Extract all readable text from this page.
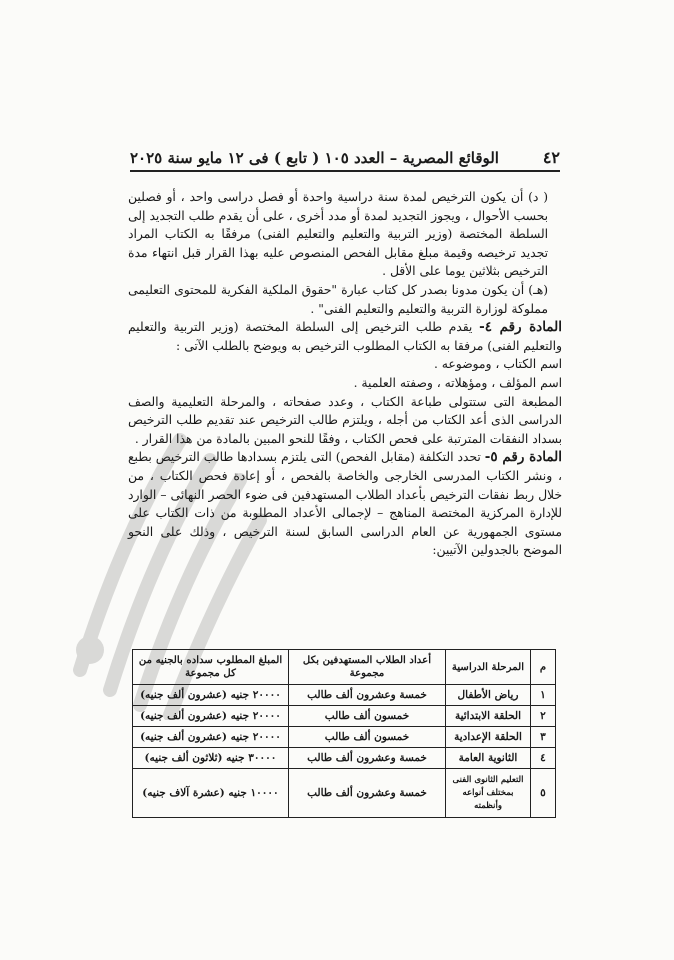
٤٢
الوقائع المصرية – العدد ١٠٥ ( تابع ) فى ١٢ مايو سنة ٢٠٢٥

( د) أن يكون الترخيص لمدة سنة دراسية واحدة أو فصل دراسى واحد ، أو فصلين بحسب الأحوال ، ويجوز التجديد لمدة أو مدد أخرى ، على أن يقدم طلب التجديد إلى السلطة المختصة (وزير التربية والتعليم والتعليم الفنى) مرفقًا به الكتاب المراد تجديد ترخيصه وقيمة مبلغ مقابل الفحص المنصوص عليه بهذا القرار قبل انتهاء مدة الترخيص بثلاثين يوما على الأقل .

(هـ) أن يكون مدونا بصدر كل كتاب عبارة "حقوق الملكية الفكرية للمحتوى التعليمى مملوكة لوزارة التربية والتعليم والتعليم الفنى" .

المادة رقم ٤- يقدم طلب الترخيص إلى السلطة المختصة (وزير التربية والتعليم والتعليم الفنى) مرفقا به الكتاب المطلوب الترخيص به ويوضح بالطلب الآتى :

اسم الكتاب ، وموضوعه .

اسم المؤلف ، ومؤهلاته ، وصفته العلمية .

المطبعة التى ستتولى طباعة الكتاب ، وعدد صفحاته ، والمرحلة التعليمية والصف الدراسى الذى أعد الكتاب من أجله ، ويلتزم طالب الترخيص عند تقديم طلب الترخيص بسداد النفقات المترتبة على فحص الكتاب ، وفقًا للنحو المبين بالمادة من هذا القرار .

المادة رقم ٥- تحدد التكلفة (مقابل الفحص) التى يلتزم بسدادها طالب الترخيص بطبع ، ونشر الكتاب المدرسى الخارجى والخاصة بالفحص ، أو إعادة فحص الكتاب ، من خلال ربط نفقات الترخيص بأعداد الطلاب المستهدفين فى ضوء الحصر النهائى – الوارد للإدارة المركزية المختصة المناهج – لإجمالى الأعداد المطلوبة من ذات الكتاب على مستوى الجمهورية عن العام الدراسى السابق لسنة الترخيص ، وذلك على النحو الموضح بالجدولين الآتيين:

م	المرحلة الدراسية	أعداد الطلاب المستهدفين بكل مجموعة	المبلغ المطلوب سداده بالجنيه من كل مجموعة
١	رياض الأطفال	خمسة وعشرون ألف طالب	٢٠٠٠٠ جنيه (عشرون ألف جنيه)
٢	الحلقة الابتدائية	خمسون ألف طالب	٢٠٠٠٠ جنيه (عشرون ألف جنيه)
٣	الحلقة الإعدادية	خمسون ألف طالب	٢٠٠٠٠ جنيه (عشرون ألف جنيه)
٤	الثانوية العامة	خمسة وعشرون ألف طالب	٣٠٠٠٠ جنيه (ثلاثون ألف جنيه)
٥	التعليم الثانوى الفنى بمختلف أنواعه وأنظمته	خمسة وعشرون ألف طالب	١٠٠٠٠ جنيه (عشرة آلاف جنيه)
